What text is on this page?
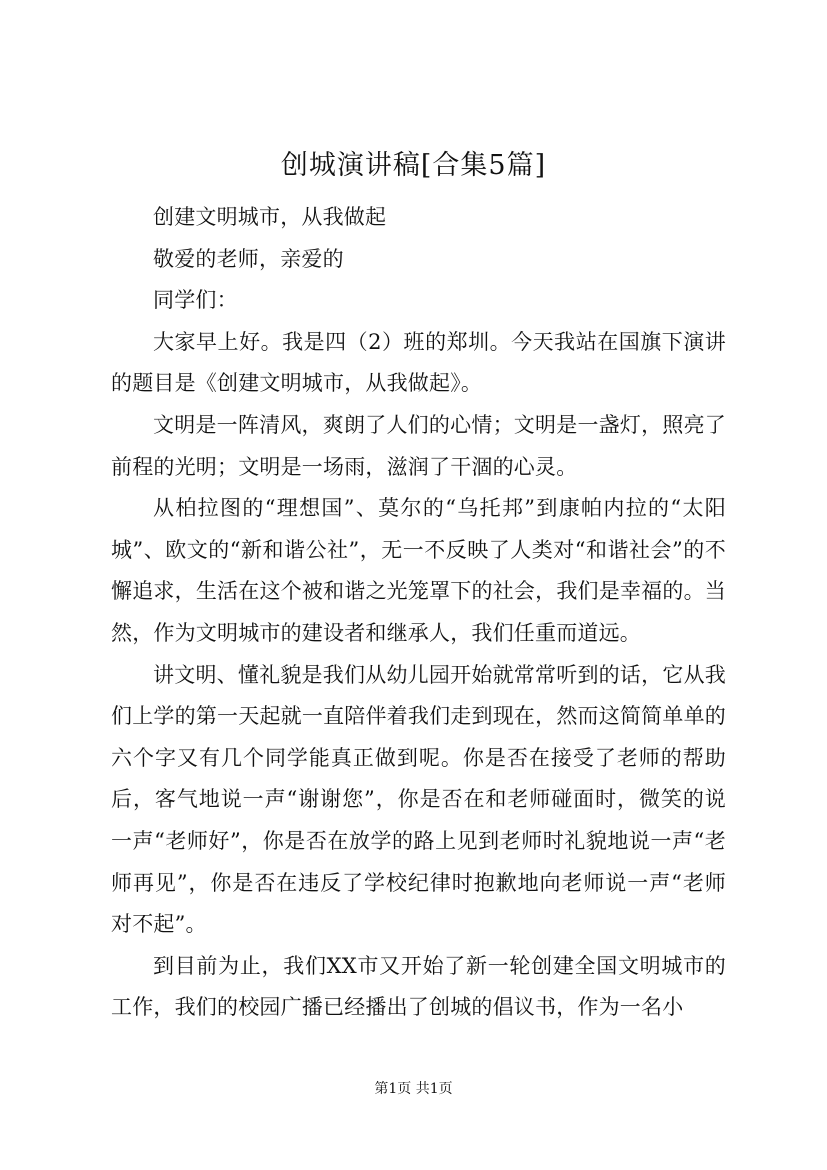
创城演讲稿[合集5篇]

创建文明城市，从我做起

敬爱的老师，亲爱的

同学们：

大家早上好。我是四（2）班的郑圳。今天我站在国旗下演讲的题目是《创建文明城市，从我做起》。

文明是一阵清风，爽朗了人们的心情；文明是一盏灯，照亮了前程的光明；文明是一场雨，滋润了干涸的心灵。

从柏拉图的“理想国”、莫尔的“乌托邦”到康帕内拉的“太阳城”、欧文的“新和谐公社”，无一不反映了人类对“和谐社会”的不懈追求，生活在这个被和谐之光笼罩下的社会，我们是幸福的。当然，作为文明城市的建设者和继承人，我们任重而道远。

讲文明、懂礼貌是我们从幼儿园开始就常常听到的话，它从我们上学的第一天起就一直陪伴着我们走到现在，然而这简简单单的六个字又有几个同学能真正做到呢。你是否在接受了老师的帮助后，客气地说一声“谢谢您”，你是否在和老师碰面时，微笑的说一声“老师好”，你是否在放学的路上见到老师时礼貌地说一声“老师再见”，你是否在违反了学校纪律时抱歉地向老师说一声“老师对不起”。

到目前为止，我们XX市又开始了新一轮创建全国文明城市的工作，我们的校园广播已经播出了创城的倡议书，作为一名小

第1页 共1页
